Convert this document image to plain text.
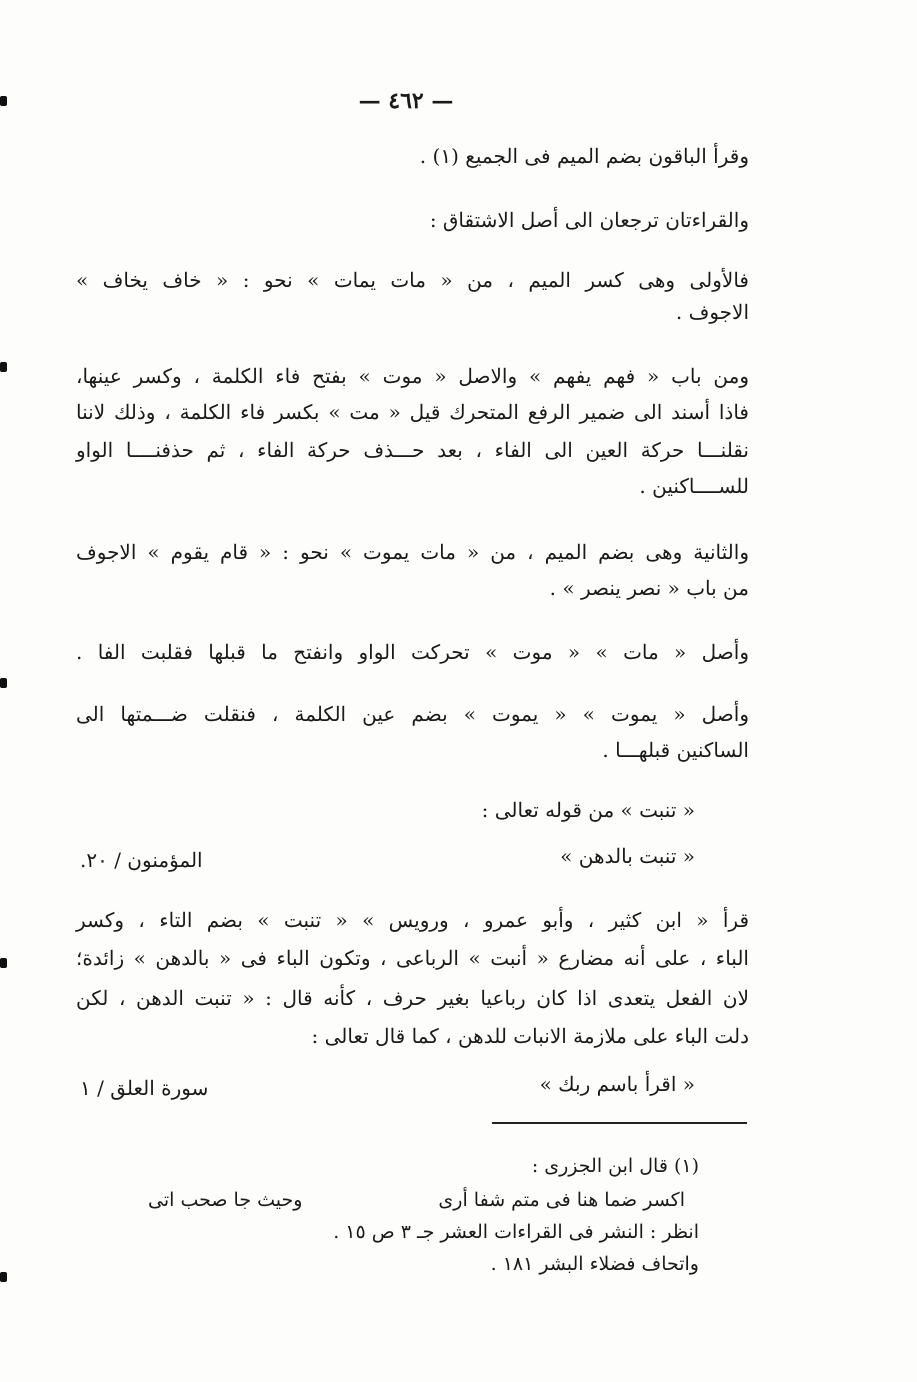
— ٤٦٢ —
وقرأ الباقون بضم الميم فى الجميع (١) .
والقراءتان ترجعان الى أصل الاشتقاق :
فالأولى وهى كسر الميم ، من « مات يمات » نحو : « خاف يخاف »
الاجوف .
ومن باب « فهم يفهم » والاصل « موت » بفتح فاء الكلمة ، وكسر عينها،
فاذا أسند الى ضمير الرفع المتحرك قيل « مت » بكسر فاء الكلمة ، وذلك لاننا
نقلنـــا حركة العين الى الفاء ، بعد حـــذف حركة الفاء ، ثم حذفنــــا الواو
للســــاكنين .
والثانية وهى بضم الميم ، من « مات يموت » نحو : « قام يقوم » الاجوف
من باب « نصر ينصر » .
وأصل « مات » « موت » تحركت الواو وانفتح ما قبلها فقلبت الفا .
وأصل « يموت » « يموت » بضم عين الكلمة ، فنقلت ضـــمتها الى
الساكنين قبلهـــا .
« تنبت » من قوله تعالى :
« تنبت بالدهن »
المؤمنون / ٢٠.
قرأ « ابن كثير ، وأبو عمرو ، ورويس » « تنبت » بضم التاء ، وكسر
الباء ، على أنه مضارع « أنبت » الرباعى ، وتكون الباء فى « بالدهن » زائدة؛
لان الفعل يتعدى اذا كان رباعيا بغير حرف ، كأنه قال : « تنبت الدهن ، لكن
دلت الباء على ملازمة الانبات للدهن ، كما قال تعالى :
« اقرأ باسم ربك »
سورة العلق / ١
(١) قال ابن الجزرى :
اكسر ضما هنا فى متم شفا أرى
وحيث جا صحب اتى
انظر : النشر فى القراءات العشر جـ ٣ ص ١٥ .
واتحاف فضلاء البشر ١٨١ .
